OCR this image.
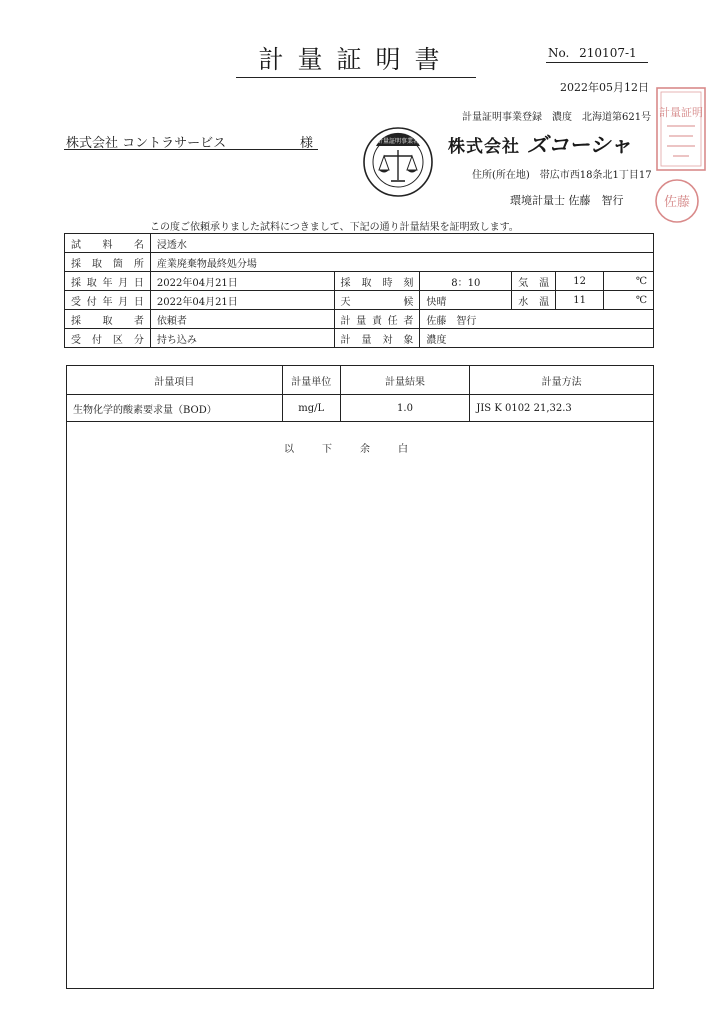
計量証明書	No. 210107-1
2022年05月12日
計量証明事業登録　濃度　北海道第621号
株式会社 コントラサービス	様	計量証明事業者 株式会社 ズコーシャ
住所(所在地)　帯広市西18条北1丁目17
環境計量士 佐藤　智行
計量証明
佐藤
この度ご依頼承りました試料につきまして、下記の通り計量結果を証明致します。
試料名	浸透水					
採取箇所	産業廃棄物最終処分場					
採取年月日	2022年04月21日	採取時刻	8：10	気温	12	℃
受付年月日	2022年04月21日	天候	快晴	水温	11	℃
採取者	依頼者	計量責任者	佐藤　智行			
受付区分	持ち込み	計量対象	濃度			
計量項目	計量単位	計量結果	計量方法
生物化学的酸素要求量（BOD）	mg/L	1.0	JIS K 0102 21,32.3
以下余白			
